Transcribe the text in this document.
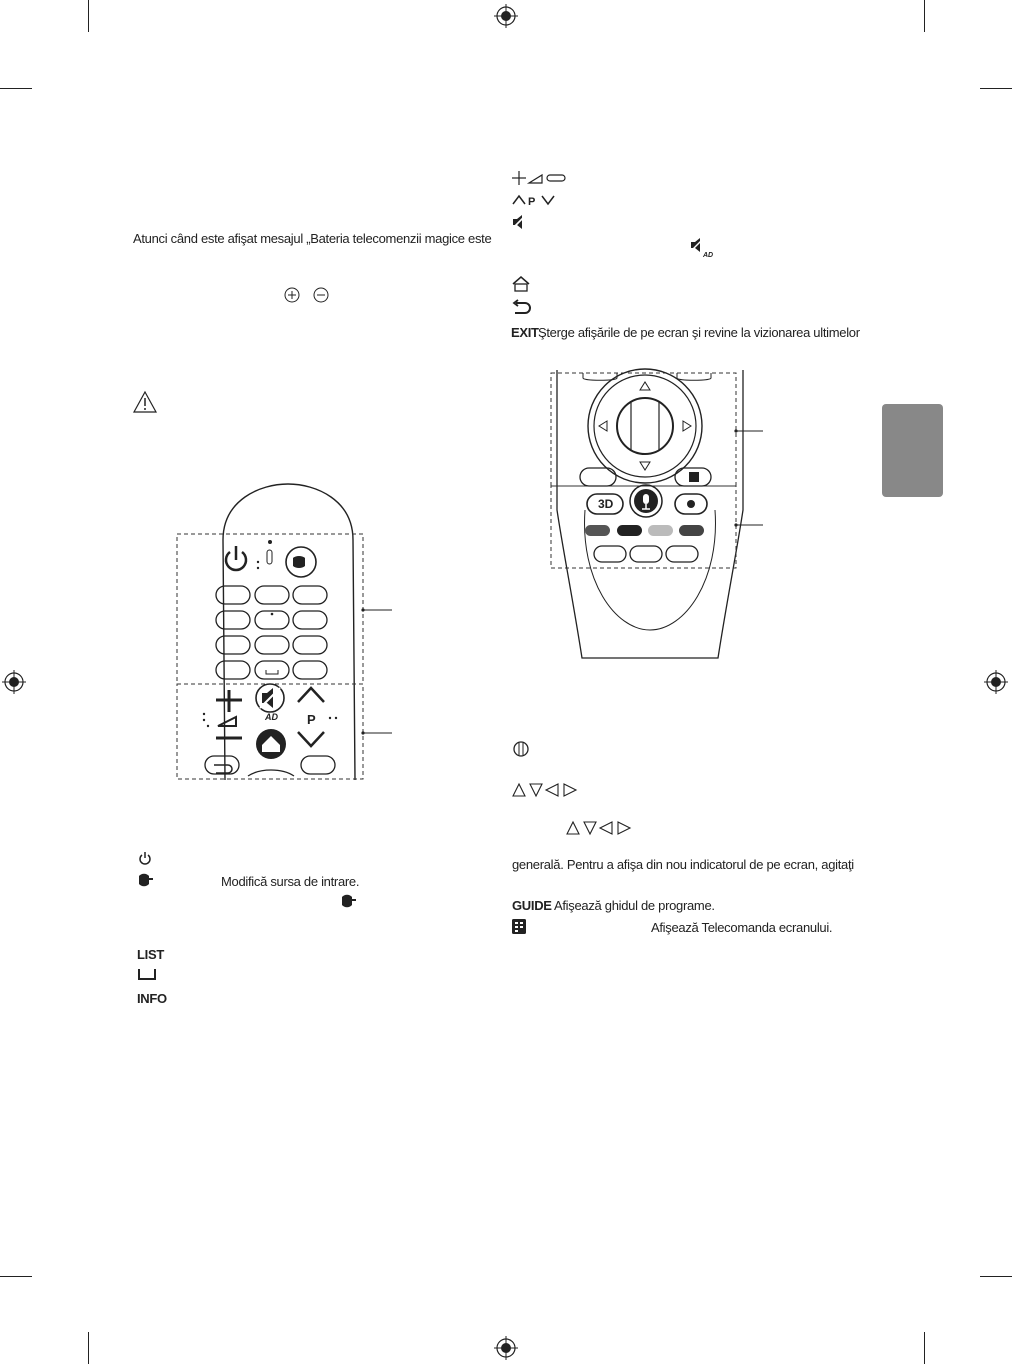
Atunci când este afişat mesajul „Bateria telecomenzii magice este
AD P
Modifică sursa de intrare.
LIST
INFO
P
AD
EXIT Şterge afişările de pe ecran şi revine la vizionarea ultimelor
3D
generală. Pentru a afişa din nou indicatorul de pe ecran, agitaţi
GUIDE Afişează ghidul de programe.
Afişează Telecomanda ecranului.
